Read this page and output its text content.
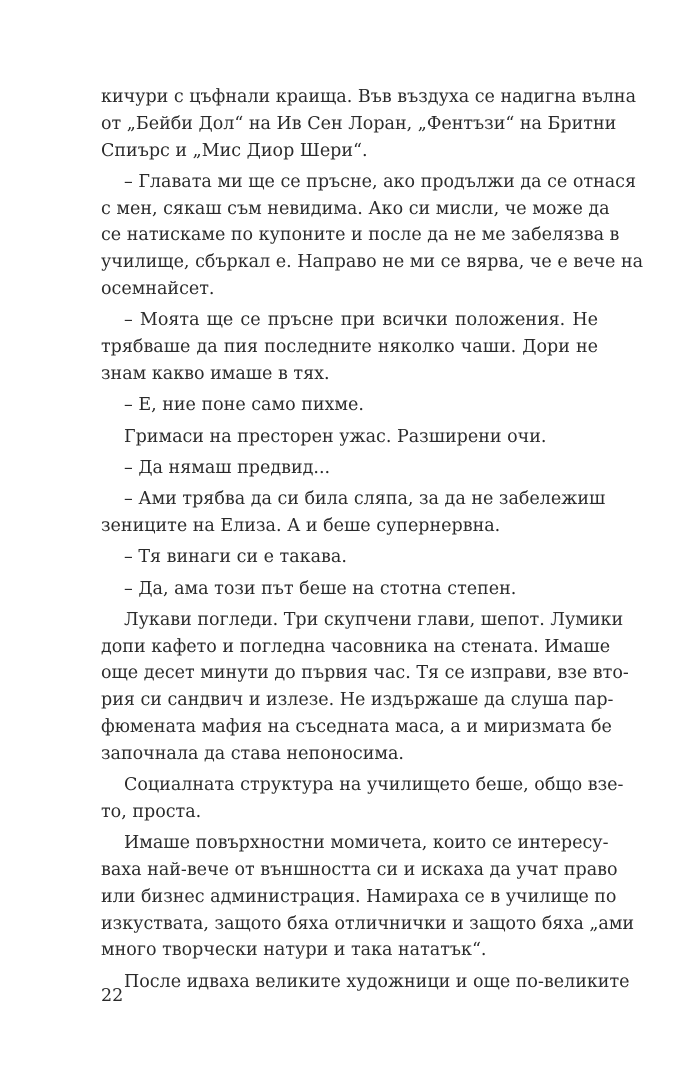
кичури с цъфнали краища. Във въздуха се надигна вълна
от „Бейби Дол“ на Ив Сен Лоран, „Фентъзи“ на Бритни
Спиърс и „Мис Диор Шери“.
– Главата ми ще се пръсне, ако продължи да се отнася
с мен, сякаш съм невидима. Ако си мисли, че може да
се натискаме по купоните и после да не ме забелязва в
училище, сбъркал е. Направо не ми се вярва, че е вече на
осемнайсет.
– Моята ще се пръсне при всички положения. Не
трябваше да пия последните няколко чаши. Дори не
знам какво имаше в тях.
– Е, ние поне само пихме.
Гримаси на престорен ужас. Разширени очи.
– Да нямаш предвид...
– Ами трябва да си била сляпа, за да не забележиш
зениците на Елиза. А и беше супернервна.
– Тя винаги си е такава.
– Да, ама този път беше на стотна степен.
Лукави погледи. Три скупчени глави, шепот. Лумики
допи кафето и погледна часовника на стената. Имаше
още десет минути до първия час. Тя се изправи, взе вто-
рия си сандвич и излезе. Не издържаше да слуша пар-
фюмената мафия на съседната маса, а и миризмата бе
започнала да става непоносима.
Социалната структура на училището беше, общо взе-
то, проста.
Имаше повърхностни момичета, които се интересу-
ваха най-вече от външността си и искаха да учат право
или бизнес администрация. Намираха се в училище по
изкуствата, защото бяха отличнички и защото бяха „ами
много творчески натури и така нататък“.
После идваха великите художници и още по-великите
22
